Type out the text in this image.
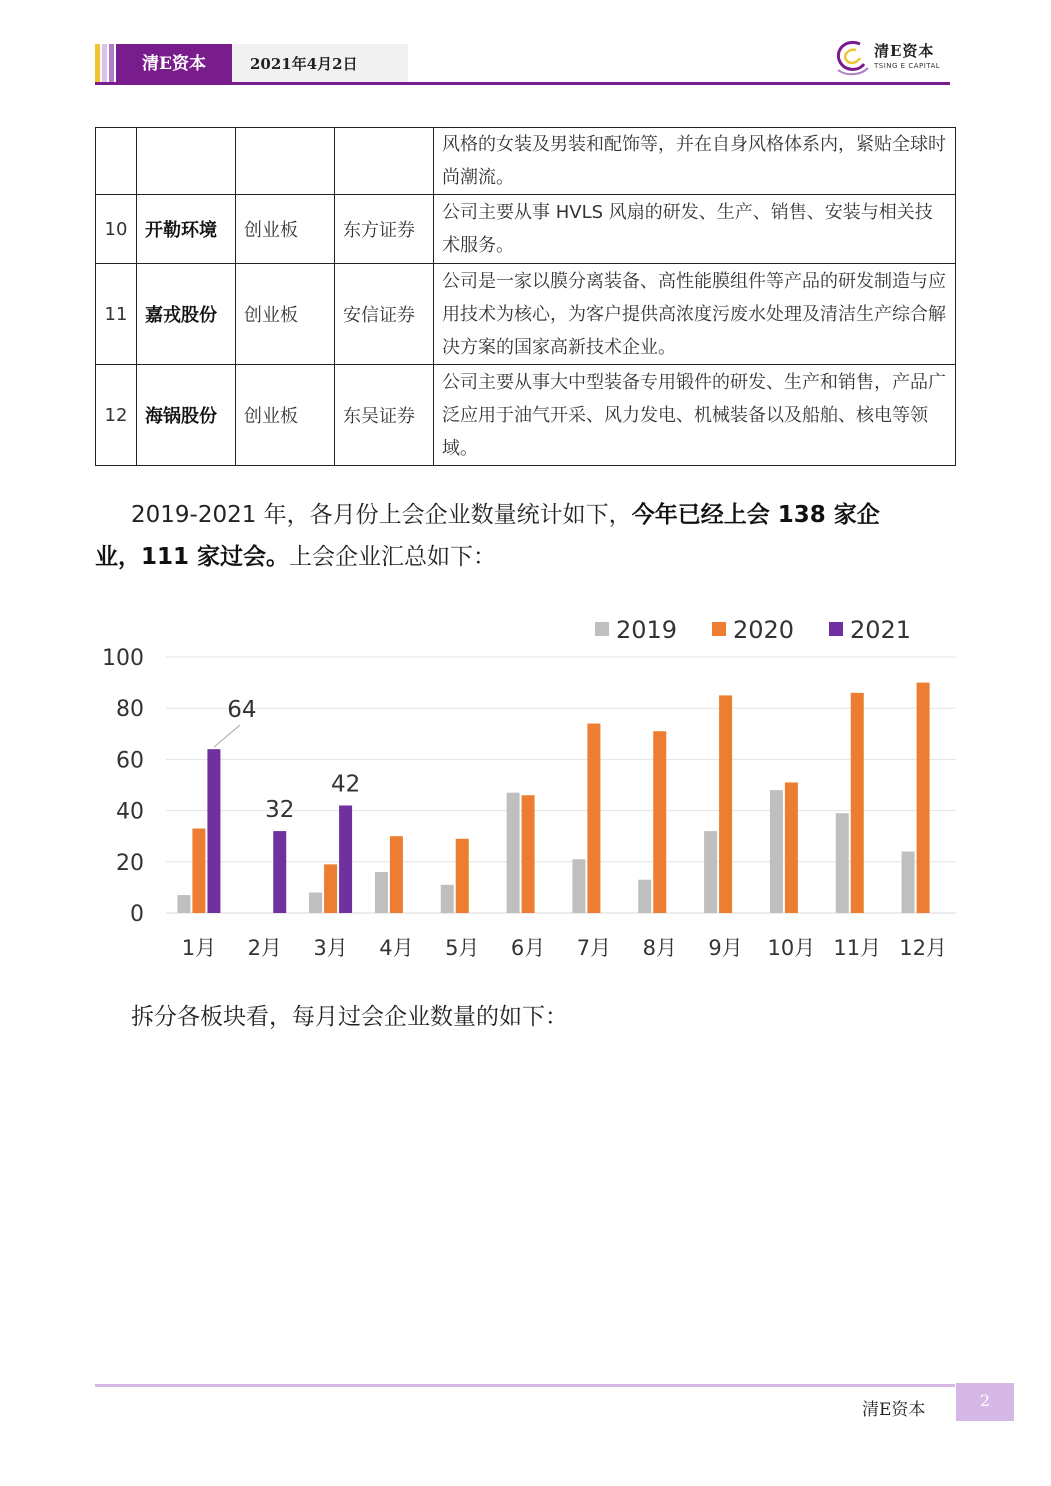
清E资本	2021年4月2日
清E资本
TSING E CAPITAL
				风格的女装及男装和配饰等，并在自身风格体系内，紧贴全球时尚潮流。
10	开勒环境	创业板	东方证券	公司主要从事 HVLS 风扇的研发、生产、销售、安装与相关技术服务。
11	嘉戎股份	创业板	安信证券	公司是一家以膜分离装备、高性能膜组件等产品的研发制造与应用技术为核心，为客户提供高浓度污废水处理及清洁生产综合解决方案的国家高新技术企业。
12	海锅股份	创业板	东吴证券	公司主要从事大中型装备专用锻件的研发、生产和销售，产品广泛应用于油气开采、风力发电、机械装备以及船舶、核电等领域。
2019-2021 年，各月份上会企业数量统计如下，今年已经上会 138 家企
业，111 家过会。上会企业汇总如下：
0
20
40
60
80
100
1月 2月 3月 4月 5月 6月 7月 8月 9月 10月 11月 12月
64
32
42
2019 2020 2021
拆分各板块看，每月过会企业数量的如下：
清E资本	2
